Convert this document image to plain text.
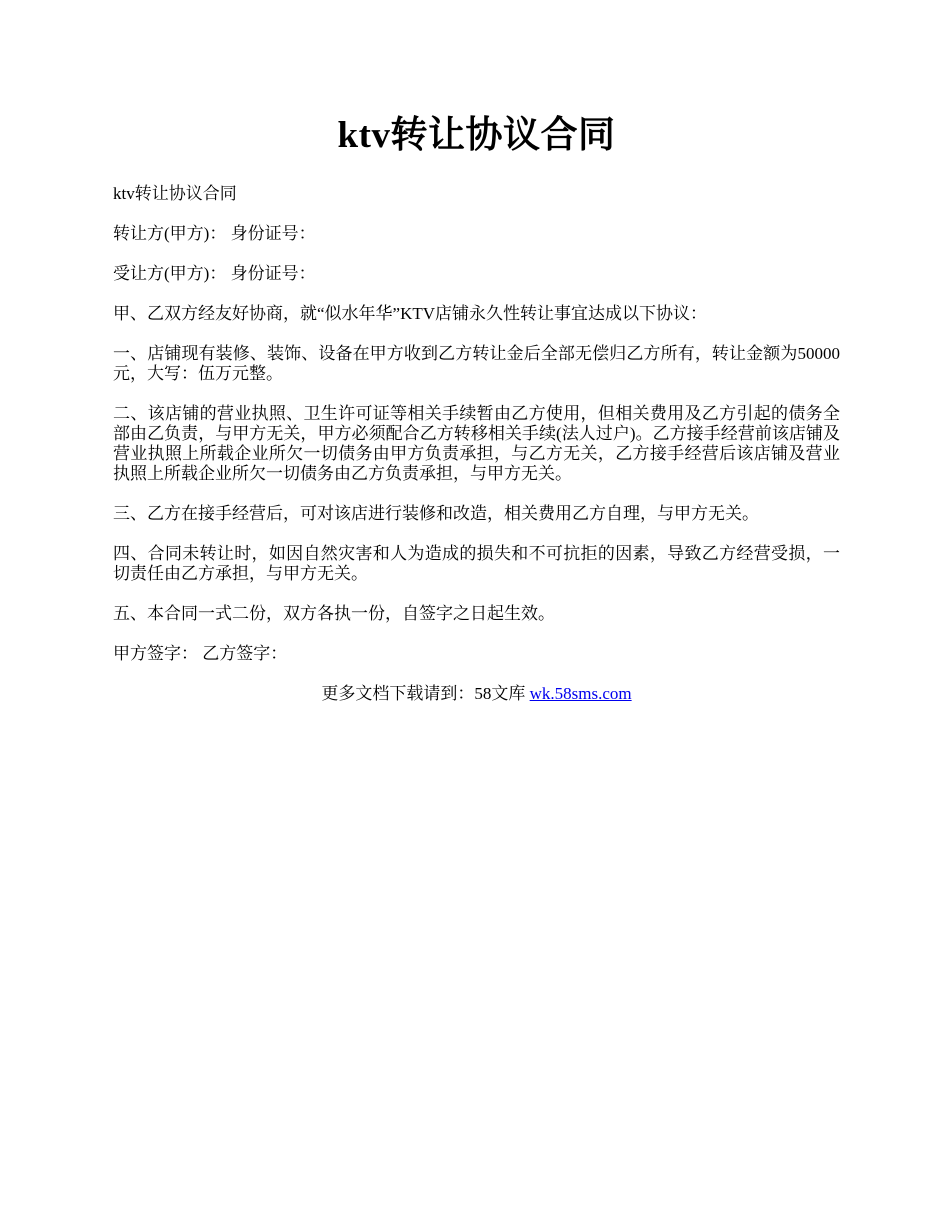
ktv转让协议合同

ktv转让协议合同

转让方(甲方)： 身份证号：

受让方(甲方)： 身份证号：

甲、乙双方经友好协商，就“似水年华”KTV店铺永久性转让事宜达成以下协议：

一、店铺现有装修、装饰、设备在甲方收到乙方转让金后全部无偿归乙方所有，转让金额为50000元，大写：伍万元整。

二、该店铺的营业执照、卫生许可证等相关手续暂由乙方使用，但相关费用及乙方引起的债务全部由乙负责，与甲方无关，甲方必须配合乙方转移相关手续(法人过户)。乙方接手经营前该店铺及营业执照上所载企业所欠一切债务由甲方负责承担，与乙方无关，乙方接手经营后该店铺及营业执照上所载企业所欠一切债务由乙方负责承担，与甲方无关。

三、乙方在接手经营后，可对该店进行装修和改造，相关费用乙方自理，与甲方无关。

四、合同未转让时，如因自然灾害和人为造成的损失和不可抗拒的因素，导致乙方经营受损，一切责任由乙方承担，与甲方无关。

五、本合同一式二份，双方各执一份，自签字之日起生效。

甲方签字： 乙方签字：

更多文档下载请到：58文库 wk.58sms.com
